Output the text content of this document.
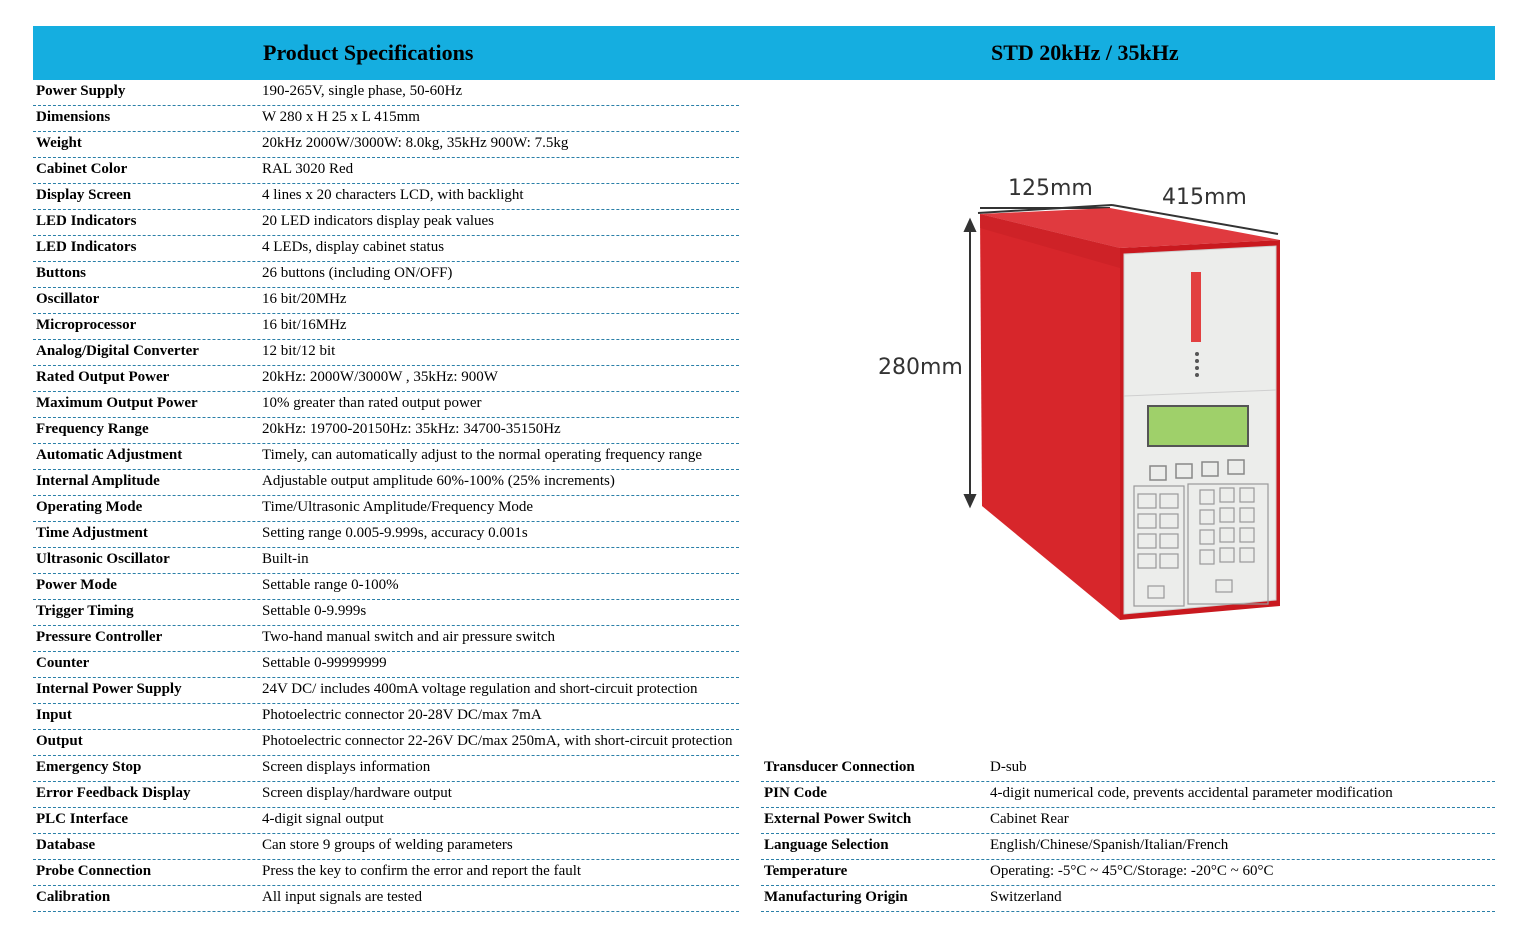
Product Specifications	STD 20kHz / 35kHz
Power Supply	190-265V, single phase, 50-60Hz
Dimensions	W 280 x H 25 x L 415mm
Weight	20kHz 2000W/3000W: 8.0kg, 35kHz 900W: 7.5kg
Cabinet Color	RAL 3020 Red
Display Screen	4 lines x 20 characters LCD, with backlight
LED Indicators	20 LED indicators display peak values
LED Indicators	4 LEDs, display cabinet status
Buttons	26 buttons (including ON/OFF)
Oscillator	16 bit/20MHz
Microprocessor	16 bit/16MHz
Analog/Digital Converter	12 bit/12 bit
Rated Output Power	20kHz: 2000W/3000W , 35kHz: 900W
Maximum Output Power	10% greater than rated output power
Frequency Range	20kHz: 19700-20150Hz: 35kHz: 34700-35150Hz
Automatic Adjustment	Timely, can automatically adjust to the normal operating frequency range
Internal Amplitude	Adjustable output amplitude 60%-100% (25% increments)
Operating Mode	Time/Ultrasonic Amplitude/Frequency Mode
Time Adjustment	Setting range 0.005-9.999s, accuracy 0.001s
Ultrasonic Oscillator	Built-in
Power Mode	Settable range 0-100%
Trigger Timing	Settable 0-9.999s
Pressure Controller	Two-hand manual switch and air pressure switch
Counter	Settable 0-99999999
Internal Power Supply	24V DC/ includes 400mA voltage regulation and short-circuit protection
Input	Photoelectric connector 20-28V DC/max 7mA
Output	Photoelectric connector 22-26V DC/max 250mA, with short-circuit protection
Emergency Stop	Screen displays information
Error Feedback Display	Screen display/hardware output
PLC Interface	4-digit signal output
Database	Can store 9 groups of welding parameters
Probe Connection	Press the key to confirm the error and report the fault
Calibration	All input signals are tested
Transducer Connection	D-sub
PIN Code	4-digit numerical code, prevents accidental parameter modification
External Power Switch	Cabinet Rear
Language Selection	English/Chinese/Spanish/Italian/French
Temperature	Operating: -5°C ~ 45°C/Storage: -20°C ~ 60°C
Manufacturing Origin	Switzerland
125mm	415mm
280mm
